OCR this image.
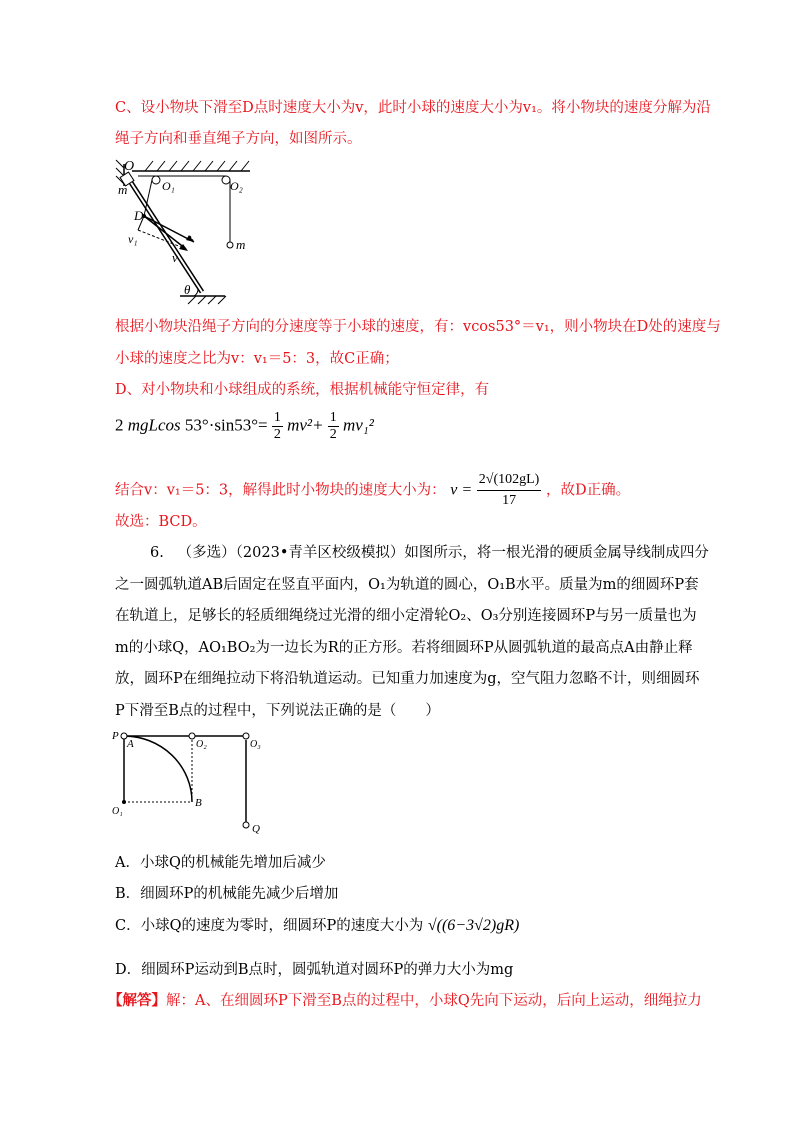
C、设小物块下滑至D点时速度大小为v，此时小球的速度大小为v₁。将小物块的速度分解为沿
绳子方向和垂直绳子方向，如图所示。
O
m	O₁	O₂
D
v₁
v
m
θ
根据小物块沿绳子方向的分速度等于小球的速度，有：vcos53°＝v₁，则小物块在D处的速度与
小球的速度之比为v：v₁＝5：3，故C正确；
D、对小物块和小球组成的系统，根据机械能守恒定律，有
2 mgLcos $53^\circ\cdot\sin 53^\circ= \frac{1}{2} mv^2+ \frac{1}{2} mv_1^2$
结合v：v₁＝5：3，解得此时小物块的速度大小为： $v = \frac{2√(102gL)}{17}$ ，故D正确。
故选：BCD。
6. （多选）（2023•青羊区校级模拟）如图所示，将一根光滑的硬质金属导线制成四分
之一圆弧轨道AB后固定在竖直平面内，O₁为轨道的圆心，O₁B水平。质量为m的细圆环P套
在轨道上，足够长的轻质细绳绕过光滑的细小定滑轮O₂、O₃分别连接圆环P与另一质量也为
m的小球Q，AO₁BO₂为一边长为R的正方形。若将细圆环P从圆弧轨道的最高点A由静止释
放，圆环P在细绳拉动下将沿轨道运动。已知重力加速度为g，空气阻力忽略不计，则细圆环
P下滑至B点的过程中，下列说法正确的是（　　）
P
A	O₂	O₃
O₁
B
Q
A．小球Q的机械能先增加后减少
B．细圆环P的机械能先减少后增加
C．小球Q的速度为零时，细圆环P的速度大小为 √((6−3√2)gR)
D．细圆环P运动到B点时，圆弧轨道对圆环P的弹力大小为mg
【解答】解：A、在细圆环P下滑至B点的过程中，小球Q先向下运动，后向上运动，细绳拉力
